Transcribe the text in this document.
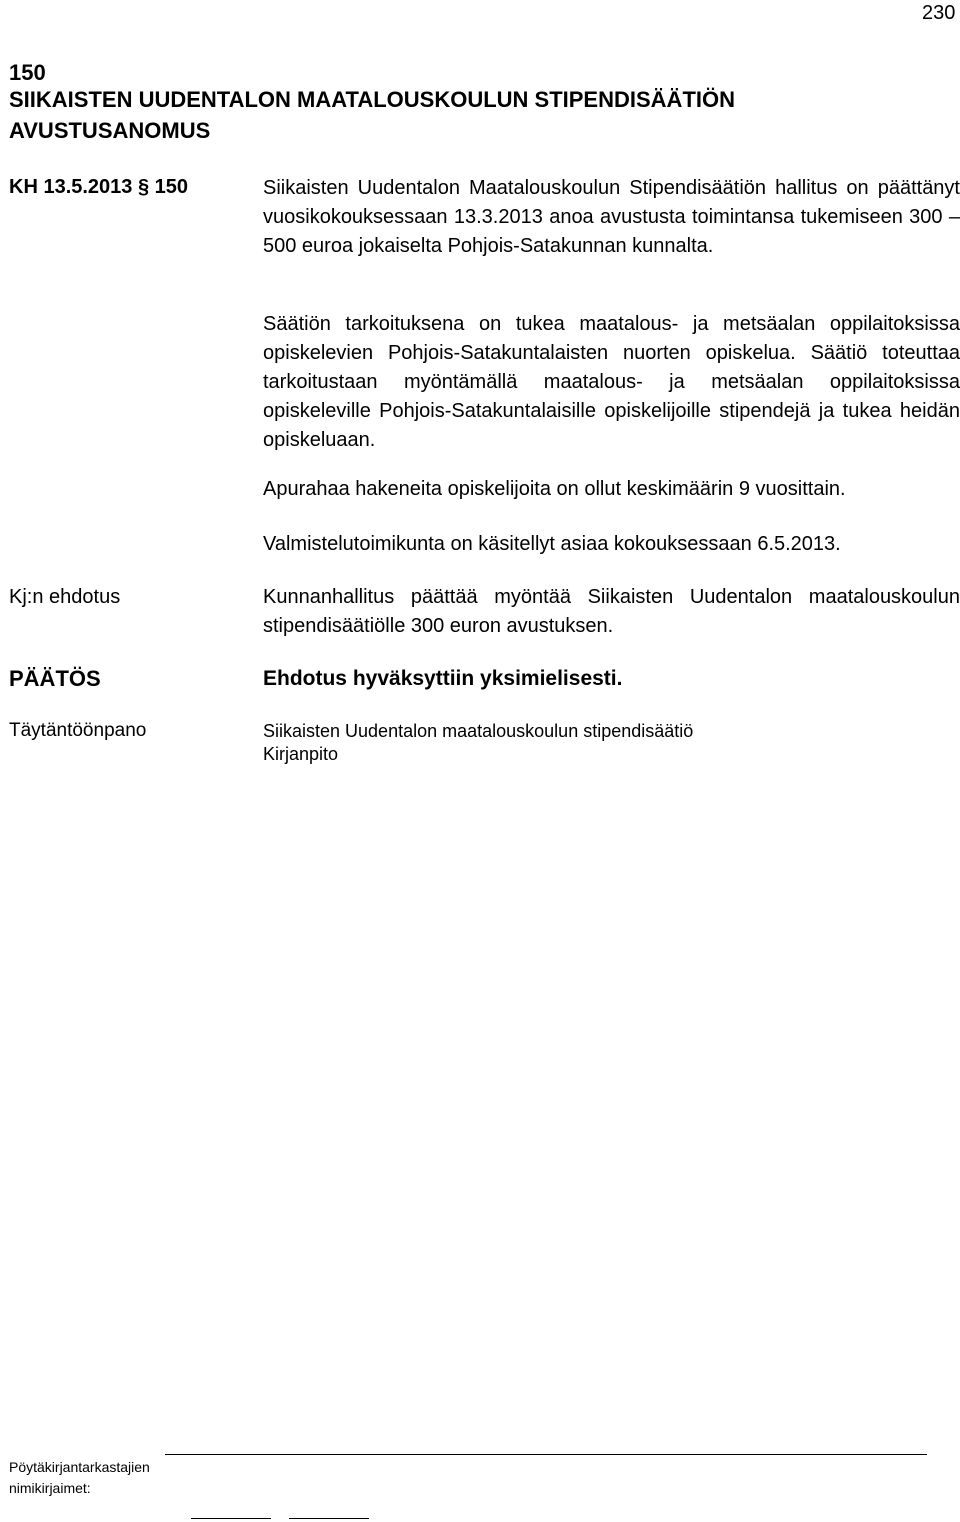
230
150
SIIKAISTEN UUDENTALON MAATALOUSKOULUN STIPENDISÄÄTIÖN
AVUSTUSANOMUS
KH 13.5.2013 § 150	Siikaisten Uudentalon Maatalouskoulun Stipendisäätiön hallitus on päättänyt vuosikokouksessaan 13.3.2013 anoa avustusta toimintansa tukemiseen 300 – 500 euroa jokaiselta Pohjois-Satakunnan kunnalta.
Säätiön tarkoituksena on tukea maatalous- ja metsäalan oppilaitoksissa opiskelevien Pohjois-Satakuntalaisten nuorten opiskelua. Säätiö toteuttaa tarkoitustaan myöntämällä maatalous- ja metsäalan oppilaitoksissa opiskeleville Pohjois-Satakuntalaisille opiskelijoille stipendejä ja tukea heidän opiskeluaan.
Apurahaa hakeneita opiskelijoita on ollut keskimäärin 9 vuosittain.
Valmistelutoimikunta on käsitellyt asiaa kokouksessaan 6.5.2013.
Kj:n ehdotus	Kunnanhallitus päättää myöntää Siikaisten Uudentalon maatalouskoulun stipendisäätiölle 300 euron avustuksen.
PÄÄTÖS	Ehdotus hyväksyttiin yksimielisesti.
Täytäntöönpano	Siikaisten Uudentalon maatalouskoulun stipendisäätiö
Kirjanpito
Pöytäkirjantarkastajien
nimikirjaimet:
